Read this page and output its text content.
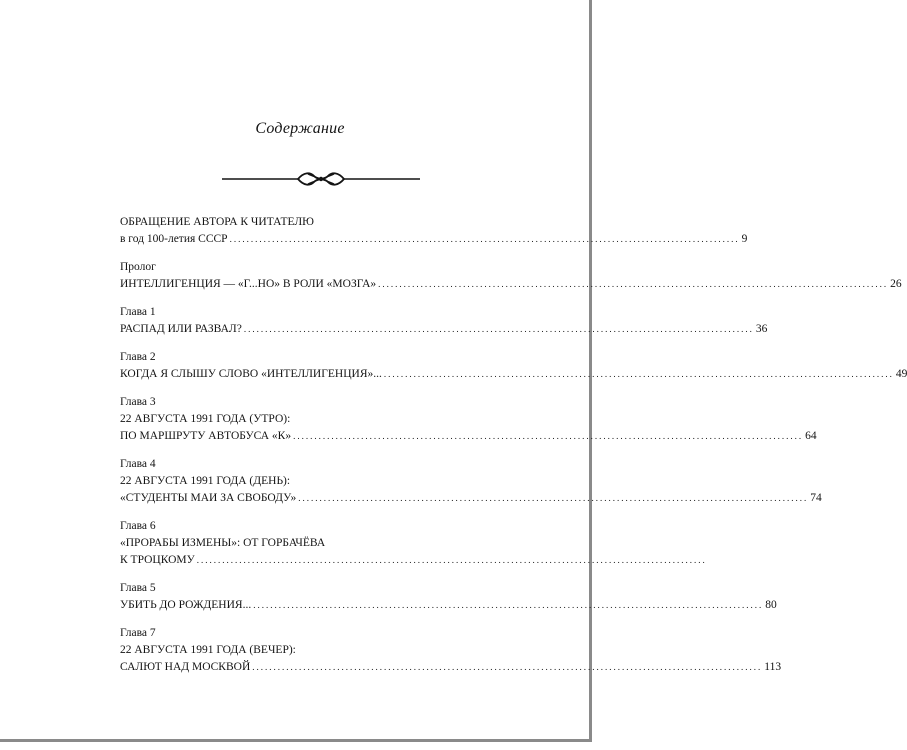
Содержание
ОБРАЩЕНИЕ АВТОРА К ЧИТАТЕЛЮ
в год 100-летия СССР ........................................................................................................................ 9
Пролог
ИНТЕЛЛИГЕНЦИЯ — «Г...НО» В РОЛИ «МОЗГА» ........................................................................................................................ 26
Глава 1
РАСПАД ИЛИ РАЗВАЛ? ........................................................................................................................ 36
Глава 2
КОГДА Я СЛЫШУ СЛОВО «ИНТЕЛЛИГЕНЦИЯ»... ........................................................................................................................ 49
Глава 3
22 АВГУСТА 1991 ГОДА (УТРО):
ПО МАРШРУТУ АВТОБУСА «К» ........................................................................................................................ 64
Глава 4
22 АВГУСТА 1991 ГОДА (ДЕНЬ):
«СТУДЕНТЫ МАИ ЗА СВОБОДУ» ........................................................................................................................ 74
Глава 6
«ПРОРАБЫ ИЗМЕНЫ»: ОТ ГОРБАЧЁВА
К ТРОЦКОМУ ........................................................................................................................
Глава 5
УБИТЬ ДО РОЖДЕНИЯ... ........................................................................................................................ 80
Глава 7
22 АВГУСТА 1991 ГОДА (ВЕЧЕР):
САЛЮТ НАД МОСКВОЙ ........................................................................................................................ 113
